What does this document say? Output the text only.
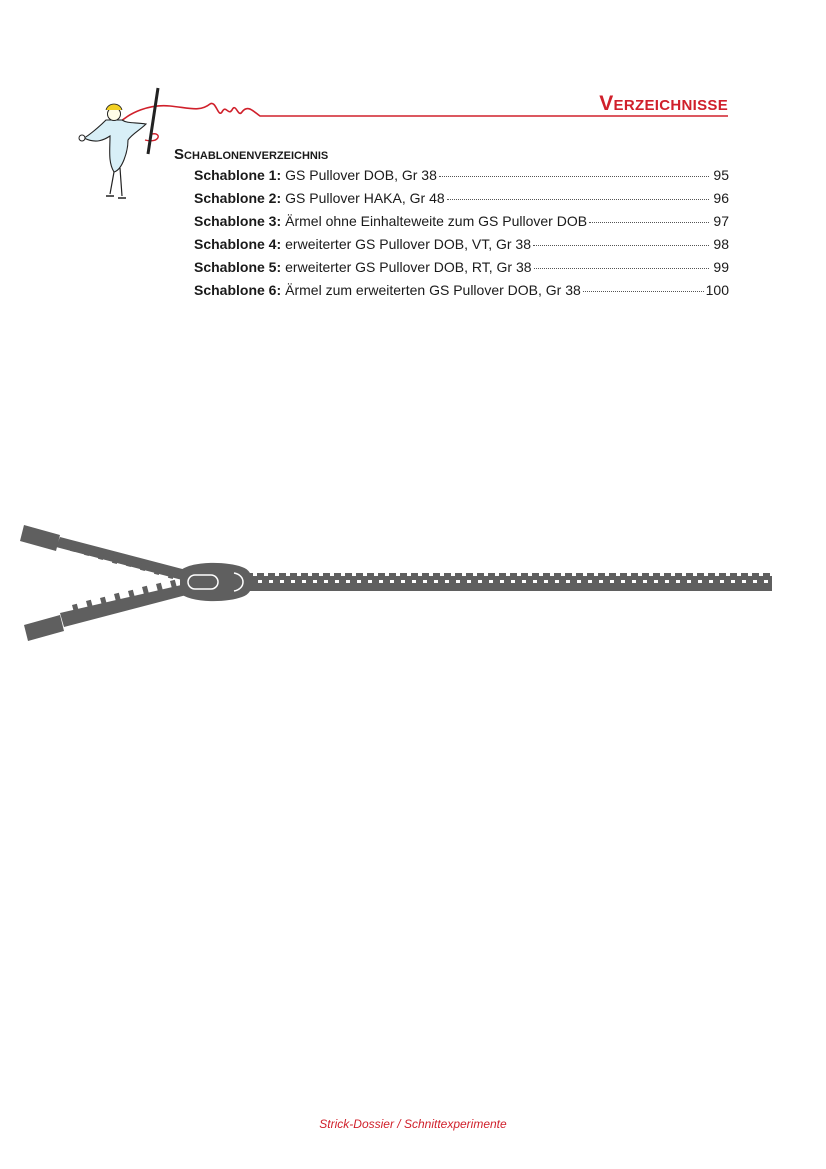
Verzeichnisse
Schablonenverzeichnis
Schablone 1: GS Pullover DOB, Gr 38	95
Schablone 2: GS Pullover HAKA, Gr 48	96
Schablone 3: Ärmel ohne Einhalteweite zum GS Pullover DOB	97
Schablone 4: erweiterter GS Pullover DOB, VT, Gr 38	98
Schablone 5: erweiterter GS Pullover DOB, RT, Gr 38	99
Schablone 6: Ärmel zum erweiterten GS Pullover DOB, Gr 38	100
Strick-Dossier / Schnittexperimente
